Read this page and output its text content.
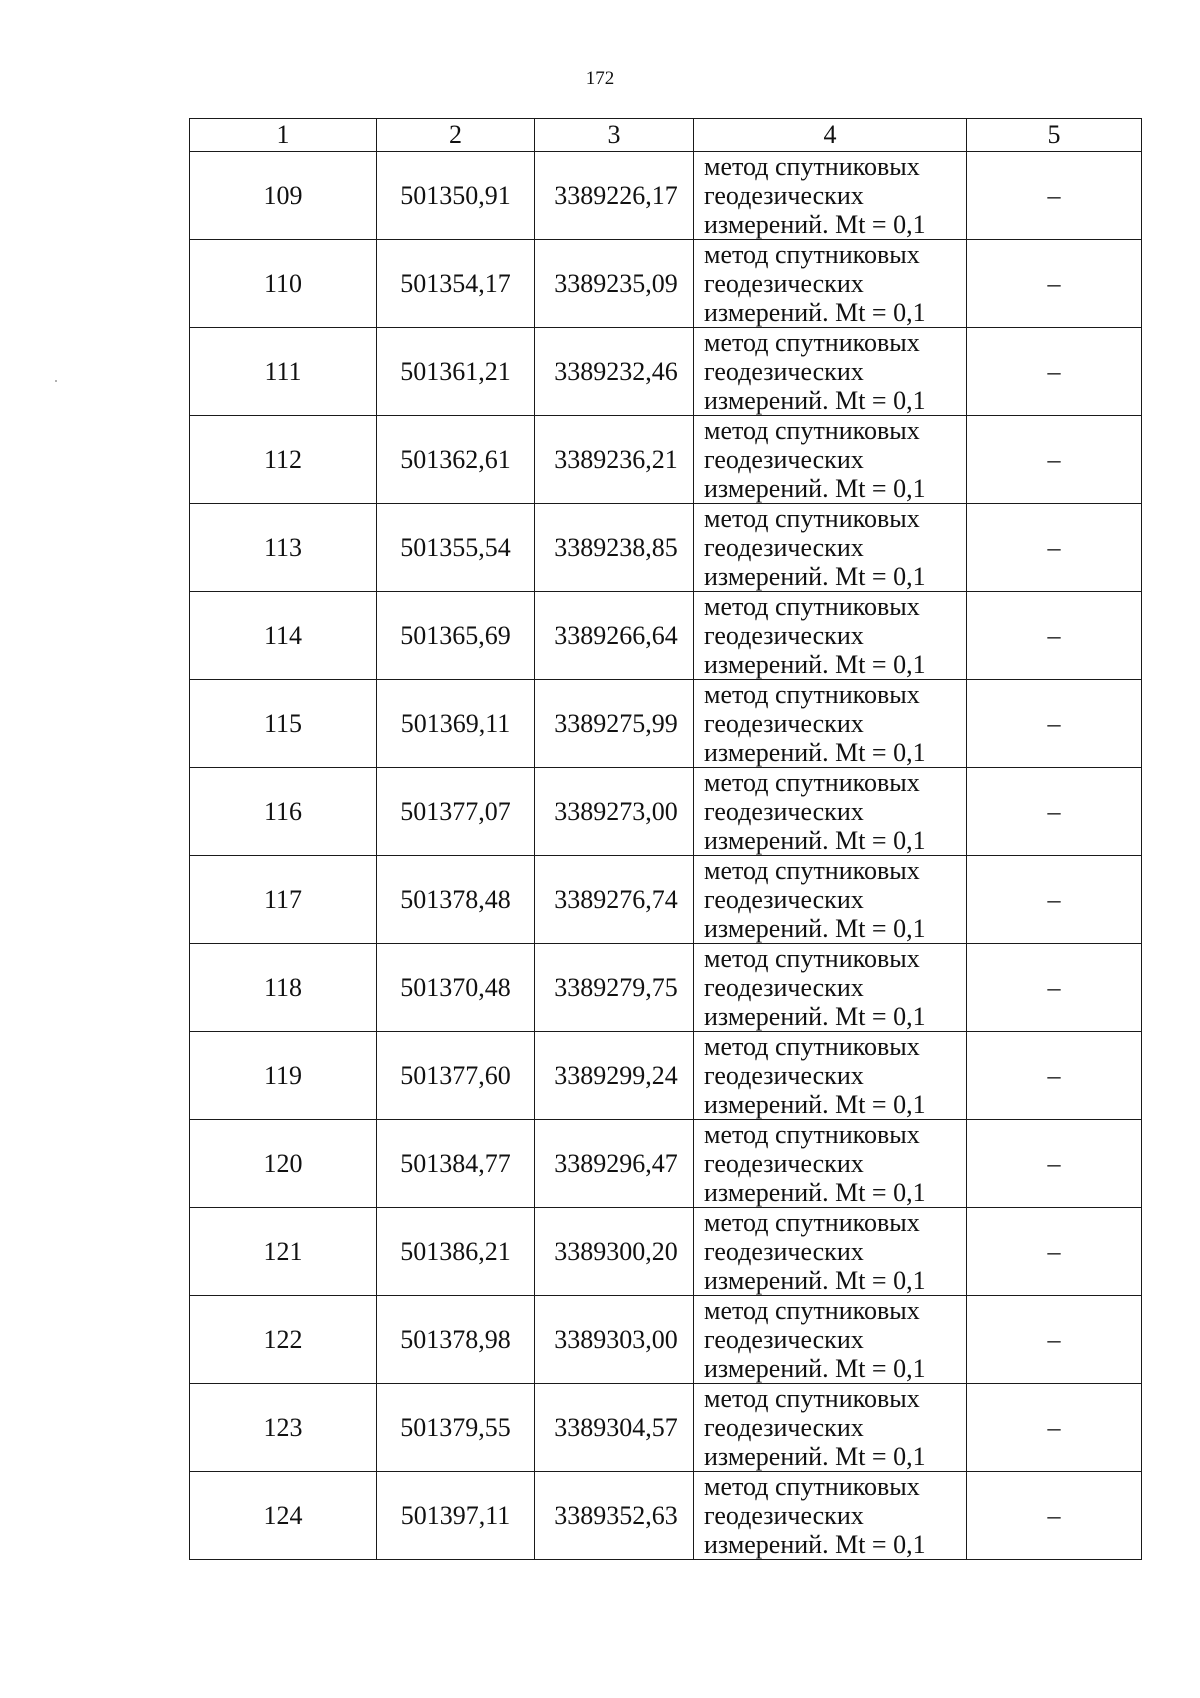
172
1	2	3	4	5
109	501350,91	3389226,17	метод спутниковых
геодезических
измерений. Mt = 0,1	–
110	501354,17	3389235,09	метод спутниковых
геодезических
измерений. Mt = 0,1	–
111	501361,21	3389232,46	метод спутниковых
геодезических
измерений. Mt = 0,1	–
112	501362,61	3389236,21	метод спутниковых
геодезических
измерений. Mt = 0,1	–
113	501355,54	3389238,85	метод спутниковых
геодезических
измерений. Mt = 0,1	–
114	501365,69	3389266,64	метод спутниковых
геодезических
измерений. Mt = 0,1	–
115	501369,11	3389275,99	метод спутниковых
геодезических
измерений. Mt = 0,1	–
116	501377,07	3389273,00	метод спутниковых
геодезических
измерений. Mt = 0,1	–
117	501378,48	3389276,74	метод спутниковых
геодезических
измерений. Mt = 0,1	–
118	501370,48	3389279,75	метод спутниковых
геодезических
измерений. Mt = 0,1	–
119	501377,60	3389299,24	метод спутниковых
геодезических
измерений. Mt = 0,1	–
120	501384,77	3389296,47	метод спутниковых
геодезических
измерений. Mt = 0,1	–
121	501386,21	3389300,20	метод спутниковых
геодезических
измерений. Mt = 0,1	–
122	501378,98	3389303,00	метод спутниковых
геодезических
измерений. Mt = 0,1	–
123	501379,55	3389304,57	метод спутниковых
геодезических
измерений. Mt = 0,1	–
124	501397,11	3389352,63	метод спутниковых
геодезических
измерений. Mt = 0,1	–
